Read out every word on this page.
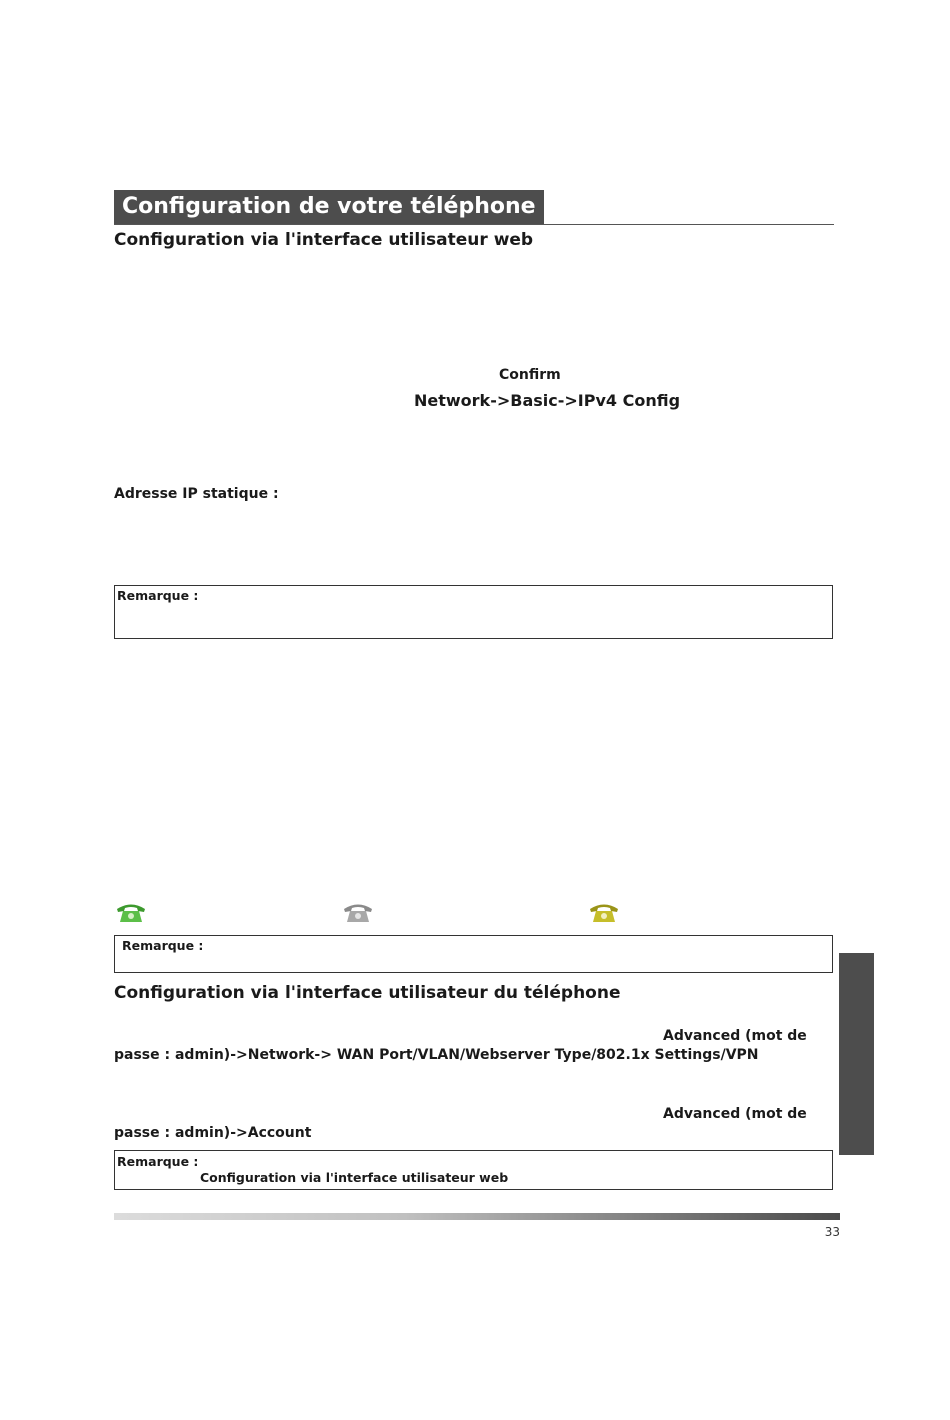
Configuration de votre téléphone
Configuration via l'interface utilisateur web
Confirm
Network->Basic->IPv4 Config
Adresse IP statique :
Remarque :
Remarque :
Configuration via l'interface utilisateur du téléphone
Advanced (mot de
passe : admin)->Network-> WAN Port/VLAN/Webserver Type/802.1x Settings/VPN
Advanced (mot de
passe : admin)->Account
Remarque :
Configuration via l'interface utilisateur web
33
